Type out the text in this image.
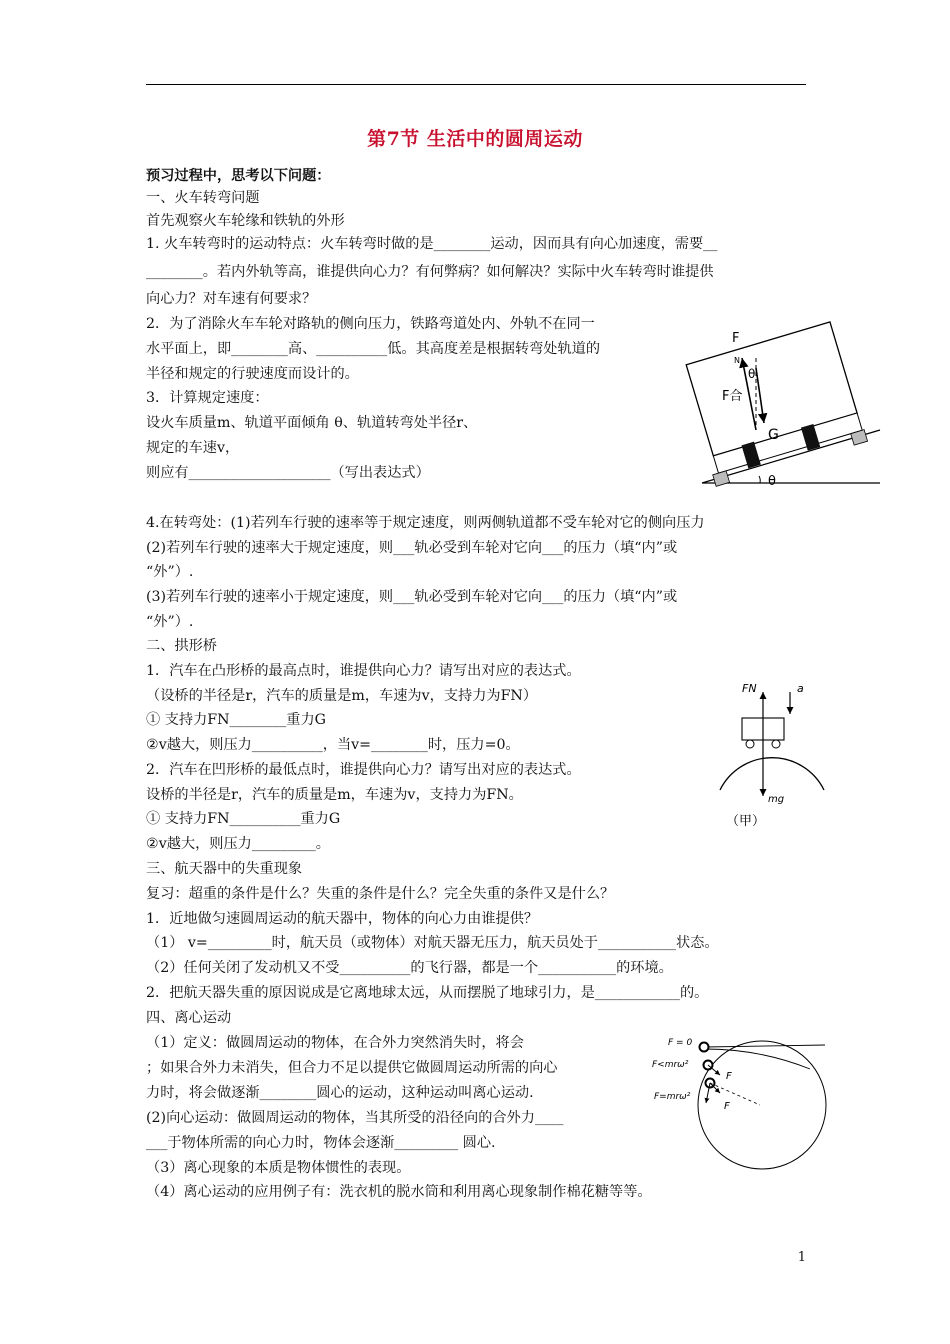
第7节 生活中的圆周运动
预习过程中，思考以下问题：
一、火车转弯问题
首先观察火车轮缘和铁轨的外形
1. 火车转弯时的运动特点：火车转弯时做的是________运动，因而具有向心加速度，需要__
________。若内外轨等高，谁提供向心力？有何弊病？如何解决？实际中火车转弯时谁提供
向心力？对车速有何要求？
2．为了消除火车车轮对路轨的侧向压力，铁路弯道处内、外轨不在同一
水平面上，即________高、__________低。其高度差是根据转弯处轨道的
半径和规定的行驶速度而设计的。
3．计算规定速度：
设火车质量m、轨道平面倾角 θ、轨道转弯处半径r、
规定的车速v，
则应有____________________（写出表达式）
4.在转弯处：(1)若列车行驶的速率等于规定速度，则两侧轨道都不受车轮对它的侧向压力
(2)若列车行驶的速率大于规定速度，则___轨必受到车轮对它向___的压力（填“内”或
“外”）.
(3)若列车行驶的速率小于规定速度，则___轨必受到车轮对它向___的压力（填“内”或
“外”）.
二、拱形桥
1．汽车在凸形桥的最高点时，谁提供向心力？请写出对应的表达式。
（设桥的半径是r，汽车的质量是m，车速为v，支持力为FN）
① 支持力FN________重力G
②v越大，则压力__________，当v=________时，压力=0。
2．汽车在凹形桥的最低点时，谁提供向心力？请写出对应的表达式。
设桥的半径是r，汽车的质量是m，车速为v，支持力为FN。
① 支持力FN__________重力G
②v越大，则压力_________。
三、航天器中的失重现象
复习：超重的条件是什么？失重的条件是什么？完全失重的条件又是什么？
1．近地做匀速圆周运动的航天器中，物体的向心力由谁提供？
（1） v=_________时，航天员（或物体）对航天器无压力，航天员处于___________状态。
（2）任何关闭了发动机又不受__________的飞行器，都是一个___________的环境。
2．把航天器失重的原因说成是它离地球太远，从而摆脱了地球引力，是____________的。
四、离心运动
（1）定义：做圆周运动的物体，在合外力突然消失时，将会
；如果合外力未消失，但合力不足以提供它做圆周运动所需的向心
力时，将会做逐渐________圆心的运动，这种运动叫离心运动.
(2)向心运动：做圆周运动的物体，当其所受的沿径向的合外力____
___于物体所需的向心力时，物体会逐渐_________ 圆心.
（3）离心现象的本质是物体惯性的表现。
（4）离心运动的应用例子有：洗衣机的脱水筒和利用离心现象制作棉花糖等等。
F
N
θ
F合
G
θ
FN	a
mg
（甲）
F = 0
F<mrω²
F
F=mrω²
F
1
